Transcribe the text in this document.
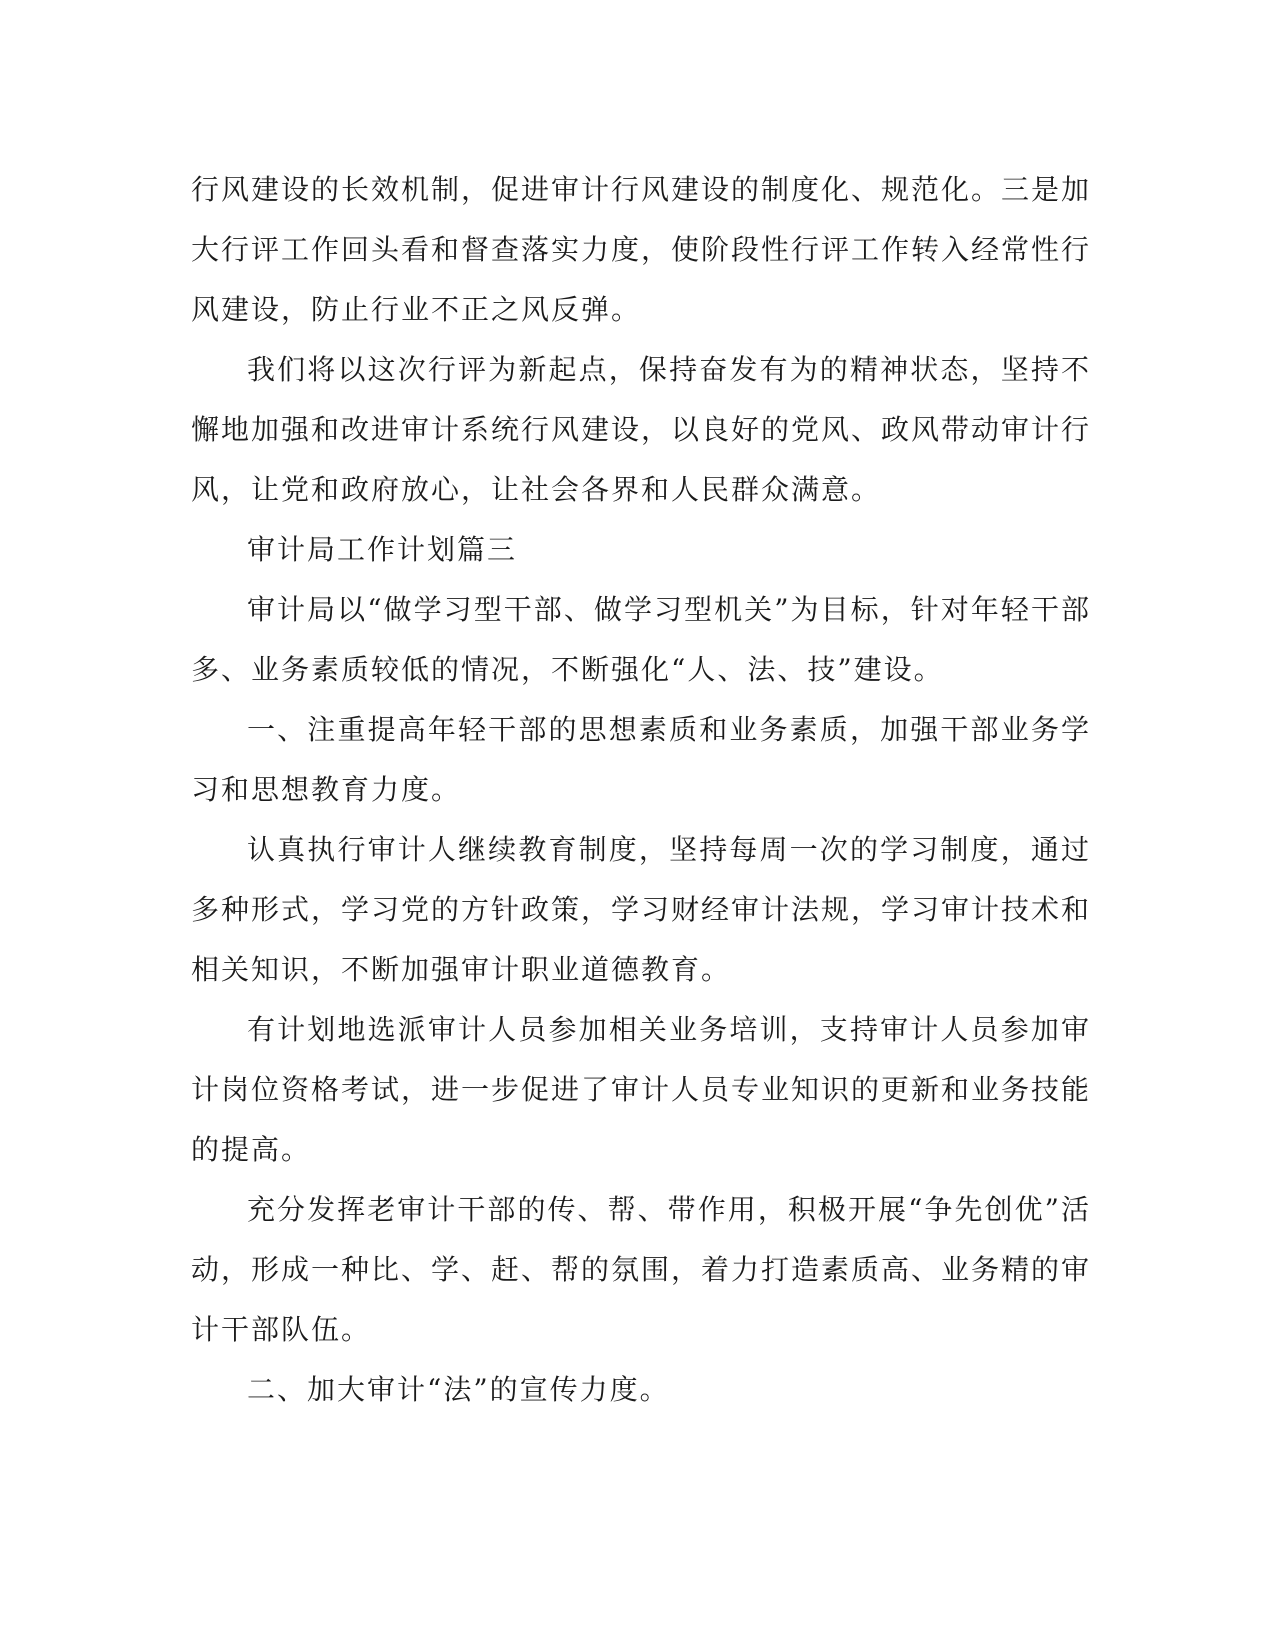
行风建设的长效机制，促进审计行风建设的制度化、规范化。三是加大行评工作回头看和督查落实力度，使阶段性行评工作转入经常性行风建设，防止行业不正之风反弹。

我们将以这次行评为新起点，保持奋发有为的精神状态，坚持不懈地加强和改进审计系统行风建设，以良好的党风、政风带动审计行风，让党和政府放心，让社会各界和人民群众满意。

审计局工作计划篇三

审计局以“做学习型干部、做学习型机关”为目标，针对年轻干部多、业务素质较低的情况，不断强化“人、法、技”建设。

一、注重提高年轻干部的思想素质和业务素质，加强干部业务学习和思想教育力度。

认真执行审计人继续教育制度，坚持每周一次的学习制度，通过多种形式，学习党的方针政策，学习财经审计法规，学习审计技术和相关知识，不断加强审计职业道德教育。

有计划地选派审计人员参加相关业务培训，支持审计人员参加审计岗位资格考试，进一步促进了审计人员专业知识的更新和业务技能的提高。

充分发挥老审计干部的传、帮、带作用，积极开展“争先创优”活动，形成一种比、学、赶、帮的氛围，着力打造素质高、业务精的审计干部队伍。

二、加大审计“法”的宣传力度。
